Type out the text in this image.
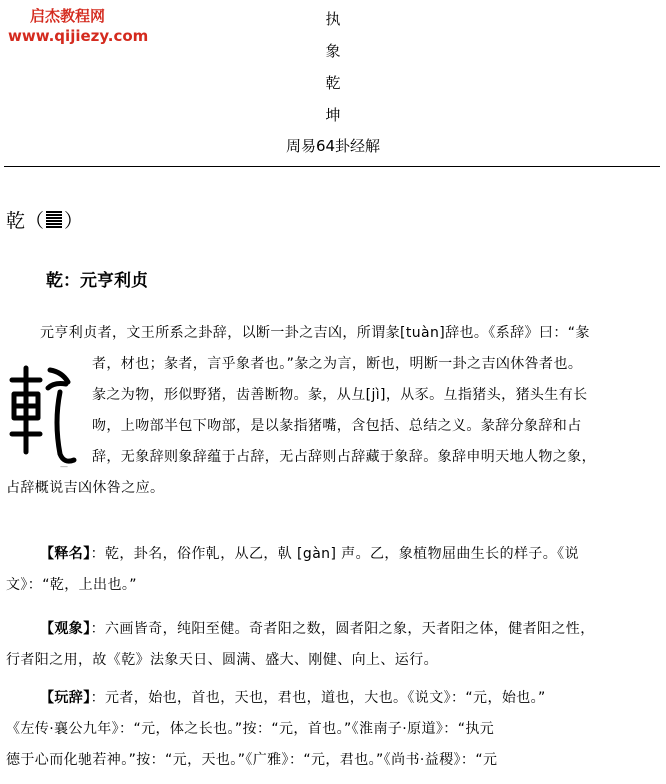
启杰教程网
www.qijiezy.com
执
象
乾
坤
周易64卦经解
乾（ ）
乾：元亨利贞
—
元亨利贞者，文王所系之卦辞，以断一卦之吉凶，所谓彖[tuàn]辞也。《系辞》曰：“彖
者，材也；彖者，言乎象者也。”彖之为言，断也，明断一卦之吉凶休咎者也。
彖之为物，形似野猪，齿善断物。彖，从彑[jì]，从豕。彑指猪头，猪头生有长
吻，上吻部半包下吻部，是以彖指猪嘴，含包括、总结之义。彖辞分象辞和占
辞，无象辞则象辞蕴于占辞，无占辞则占辞藏于象辞。象辞申明天地人物之象，
占辞概说吉凶休咎之应。
【释名】：乾，卦名，俗作乹，从乙，倝 [gàn] 声。乙，象植物屈曲生长的样子。《说
文》：“乾，上出也。”
【观象】：六画皆奇，纯阳至健。奇者阳之数，圆者阳之象，天者阳之体，健者阳之性，
行者阳之用，故《乾》法象天日、圆满、盛大、刚健、向上、运行。
【玩辞】：元者，始也，首也，天也，君也，道也，大也。《说文》：“元，始也。”
《左传·襄公九年》：“元，体之长也。”按：“元，首也。”《淮南子·原道》：“执元
德于心而化驰若神。”按：“元，天也。”《广雅》：“元，君也。”《尚书·益稷》：“元
